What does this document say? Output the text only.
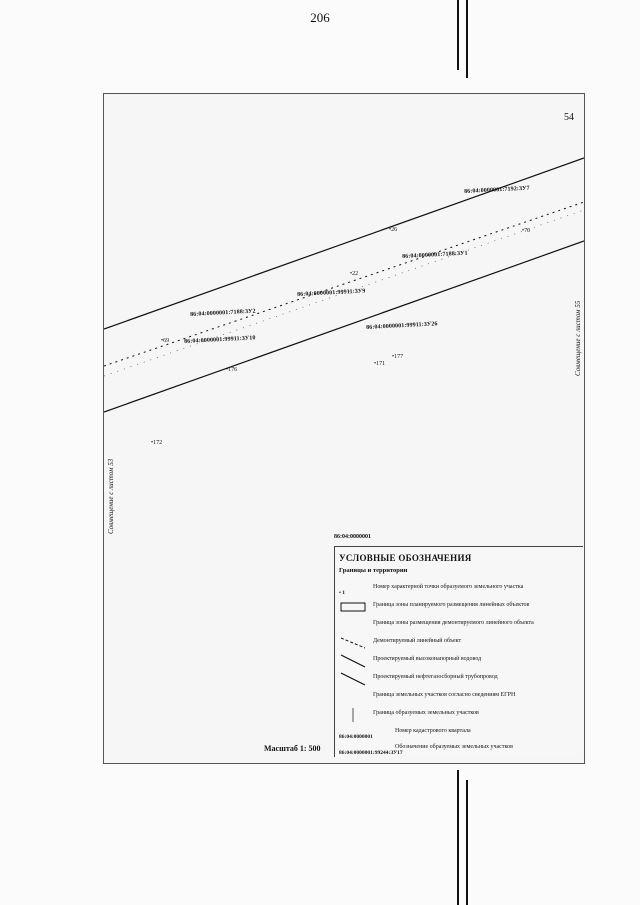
206
54
86:04:0000001:7192:ЗУ7
86:04:0000001:7188:ЗУ1
86:04:0000001:99911:ЗУ9
86:04:0000001:7188:ЗУ2
86:04:0000001:99911:ЗУ26
86:04:0000001:99911:ЗУ10
•26	•70
•22
•69
•177
•171
•176
•172
Совмещение с листом 53
Совмещение с листом 55
86:04:0000001
УСЛОВНЫЕ ОБОЗНАЧЕНИЯ
Границы и территории
• 1
Номер характерной точки образуемого земельного участка
Граница зоны планируемого размещения линейных объектов
Граница зоны размещения демонтируемого линейного объекта
Демонтируемый линейный объект
Проектируемый высоконапорный водовод
Проектируемый нефтегазосборный трубопровод
Граница земельных участков согласно сведениям ЕГРН
Граница образуемых земельных участков
86:04:0000001
Номер кадастрового квартала
86:04:0000001:99244:ЗУ17
Обозначение образуемых земельных участков
Масштаб 1: 500
